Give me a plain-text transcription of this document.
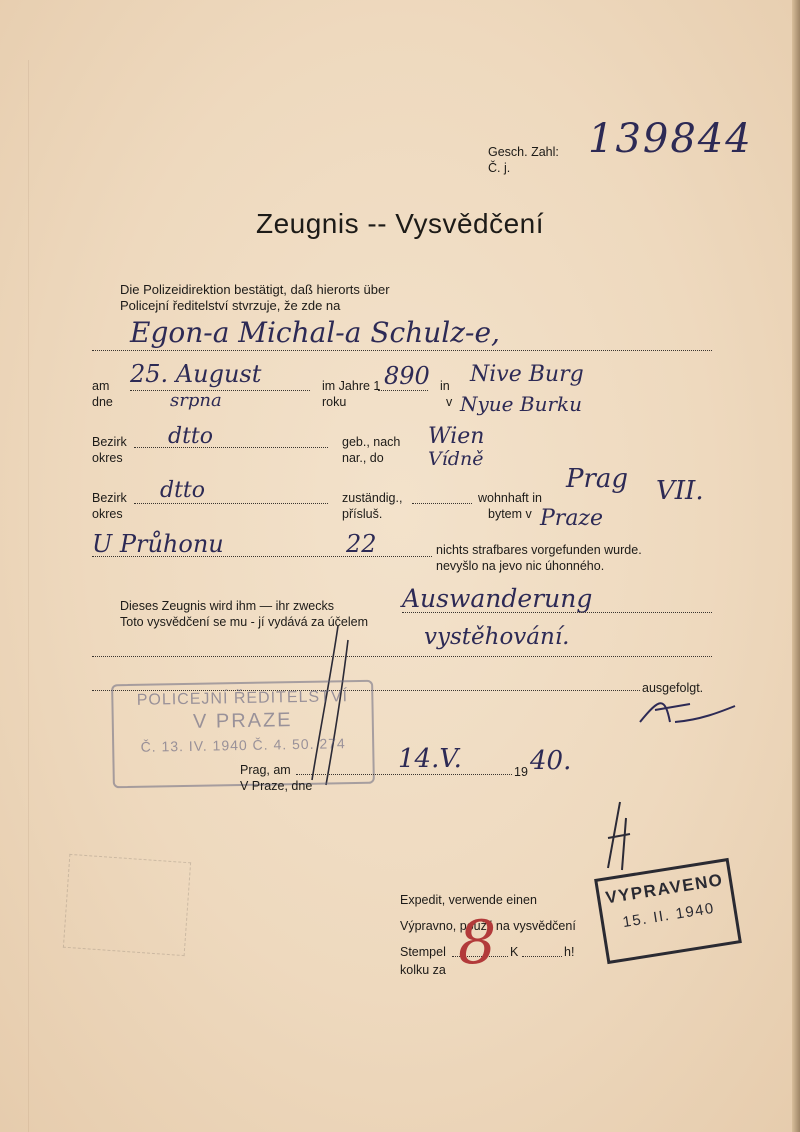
Gesch. Zahl:
Č. j.
139844
Zeugnis -- Vysvědčení
Die Polizeidirektion bestätigt, daß hierorts über
Policejní ředitelství stvrzuje, že zde na
Egon-a Michal-a Schulz-e,
am
dne
25. August
srpna
im Jahre 1
roku
890 in
v
Nive Burg
Nyue Burku
Bezirk
okres
dtto	geb., nach
nar., do
Wien
Vídně
Bezirk
okres
dtto	zuständig.,
přísluš.
wohnhaft in
bytem v
Prag
Praze
VII.
U Průhonu	22	nichts strafbares vorgefunden wurde.
nevyšlo na jevo nic úhonného.
Dieses Zeugnis wird ihm — ihr zwecks
Toto vysvědčení se mu - jí vydává za účelem
Auswanderung
vystěhování.
ausgefolgt.
POLICEJNÍ ŘEDITELSTVÍ
V PRAZE
Č. 13. IV. 1940 Č. 4. 50. 274
Prag, am
V Praze, dne
14.V.	19 40.
Expedit, verwende einen
Výpravno, použij na vysvědčení
Stempel	K	h!
kolku za 8
VYPRAVENO
15. II. 1940
